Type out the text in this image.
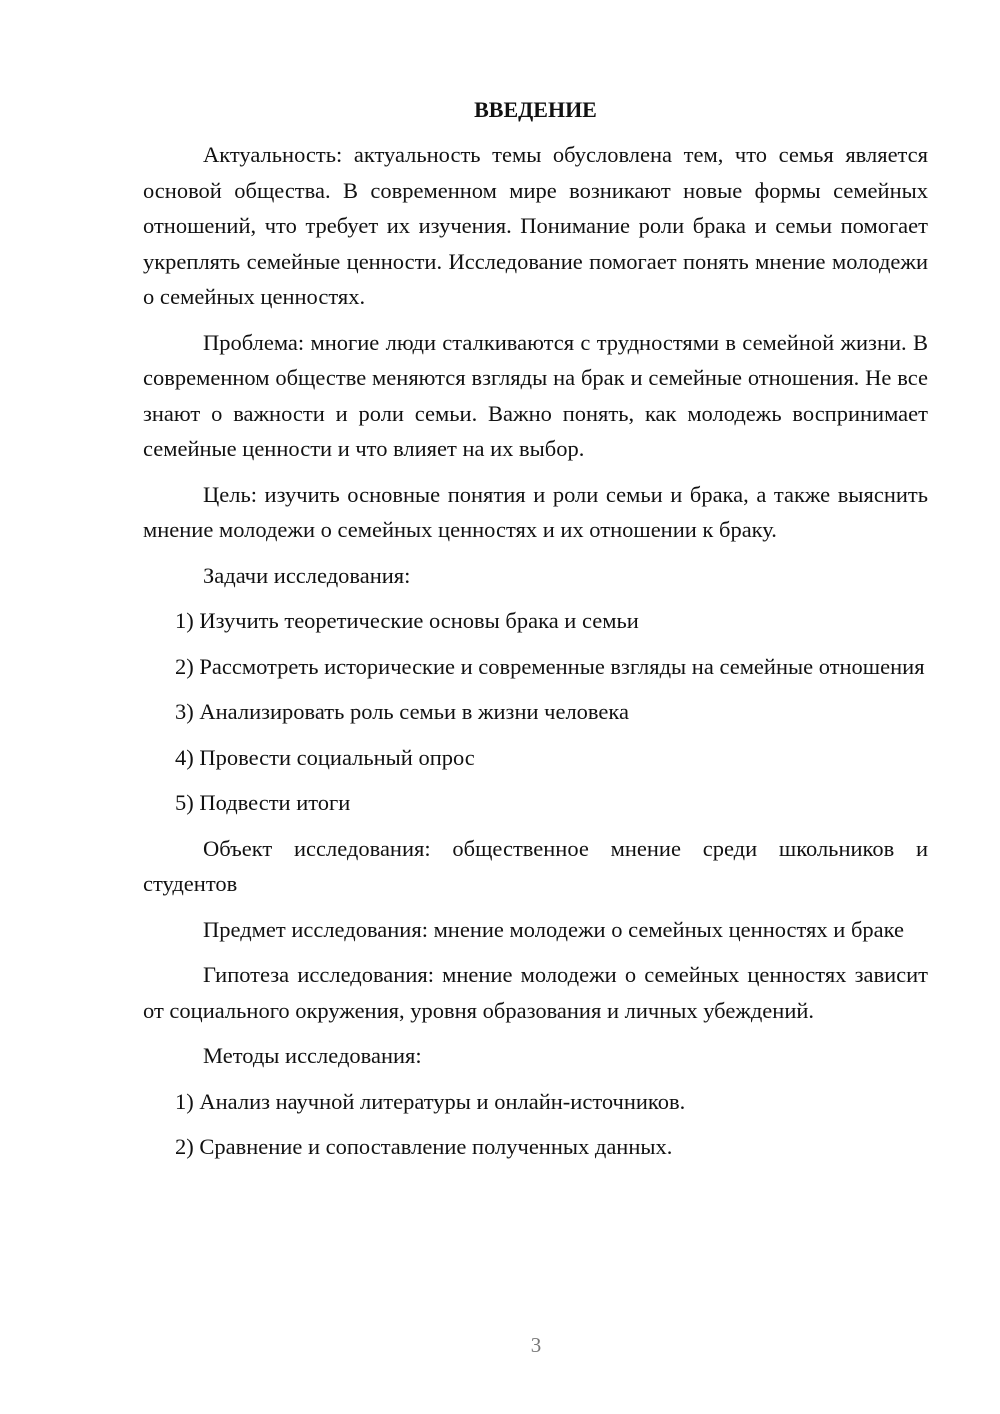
ВВЕДЕНИЕ

Актуальность: актуальность темы обусловлена тем, что семья является основой общества. В современном мире возникают новые формы семейных отношений, что требует их изучения. Понимание роли брака и семьи помогает укреплять семейные ценности. Исследование помогает понять мнение молодежи о семейных ценностях.

Проблема: многие люди сталкиваются с трудностями в семейной жизни. В современном обществе меняются взгляды на брак и семейные отношения. Не все знают о важности и роли семьи. Важно понять, как молодежь воспринимает семейные ценности и что влияет на их выбор.

Цель: изучить основные понятия и роли семьи и брака, а также выяснить мнение молодежи о семейных ценностях и их отношении к браку.

Задачи исследования:

1) Изучить теоретические основы брака и семьи

2) Рассмотреть исторические и современные взгляды на семейные отношения

3) Анализировать роль семьи в жизни человека

4) Провести социальный опрос

5) Подвести итоги

Объект исследования: общественное мнение среди школьников и студентов

Предмет исследования: мнение молодежи о семейных ценностях и браке

Гипотеза исследования: мнение молодежи о семейных ценностях зависит от социального окружения, уровня образования и личных убеждений.

Методы исследования:

1) Анализ научной литературы и онлайн-источников.

2) Сравнение и сопоставление полученных данных.

3
